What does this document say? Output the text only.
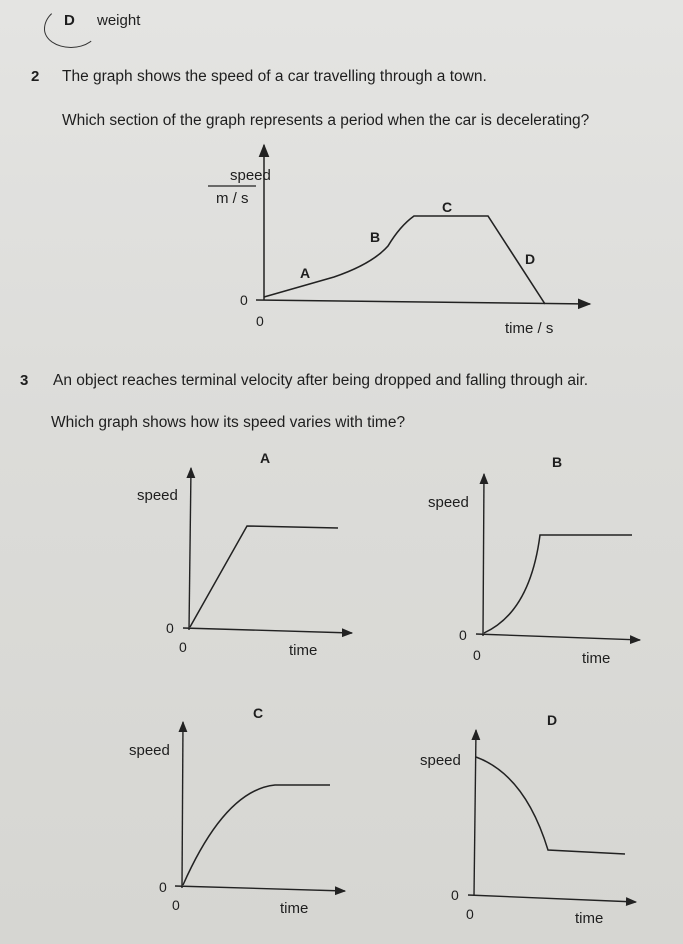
D weight
2 The graph shows the speed of a car travelling through a town.
Which section of the graph represents a period when the car is decelerating?
speed
m / s
0
0	time / s
A
B
C
D
3 An object reaches terminal velocity after being dropped and falling through air.
Which graph shows how its speed varies with time?
A
speed
0
0	time
B
speed
0
0	time
C
speed
0
0	time
D
speed
0
0	time
